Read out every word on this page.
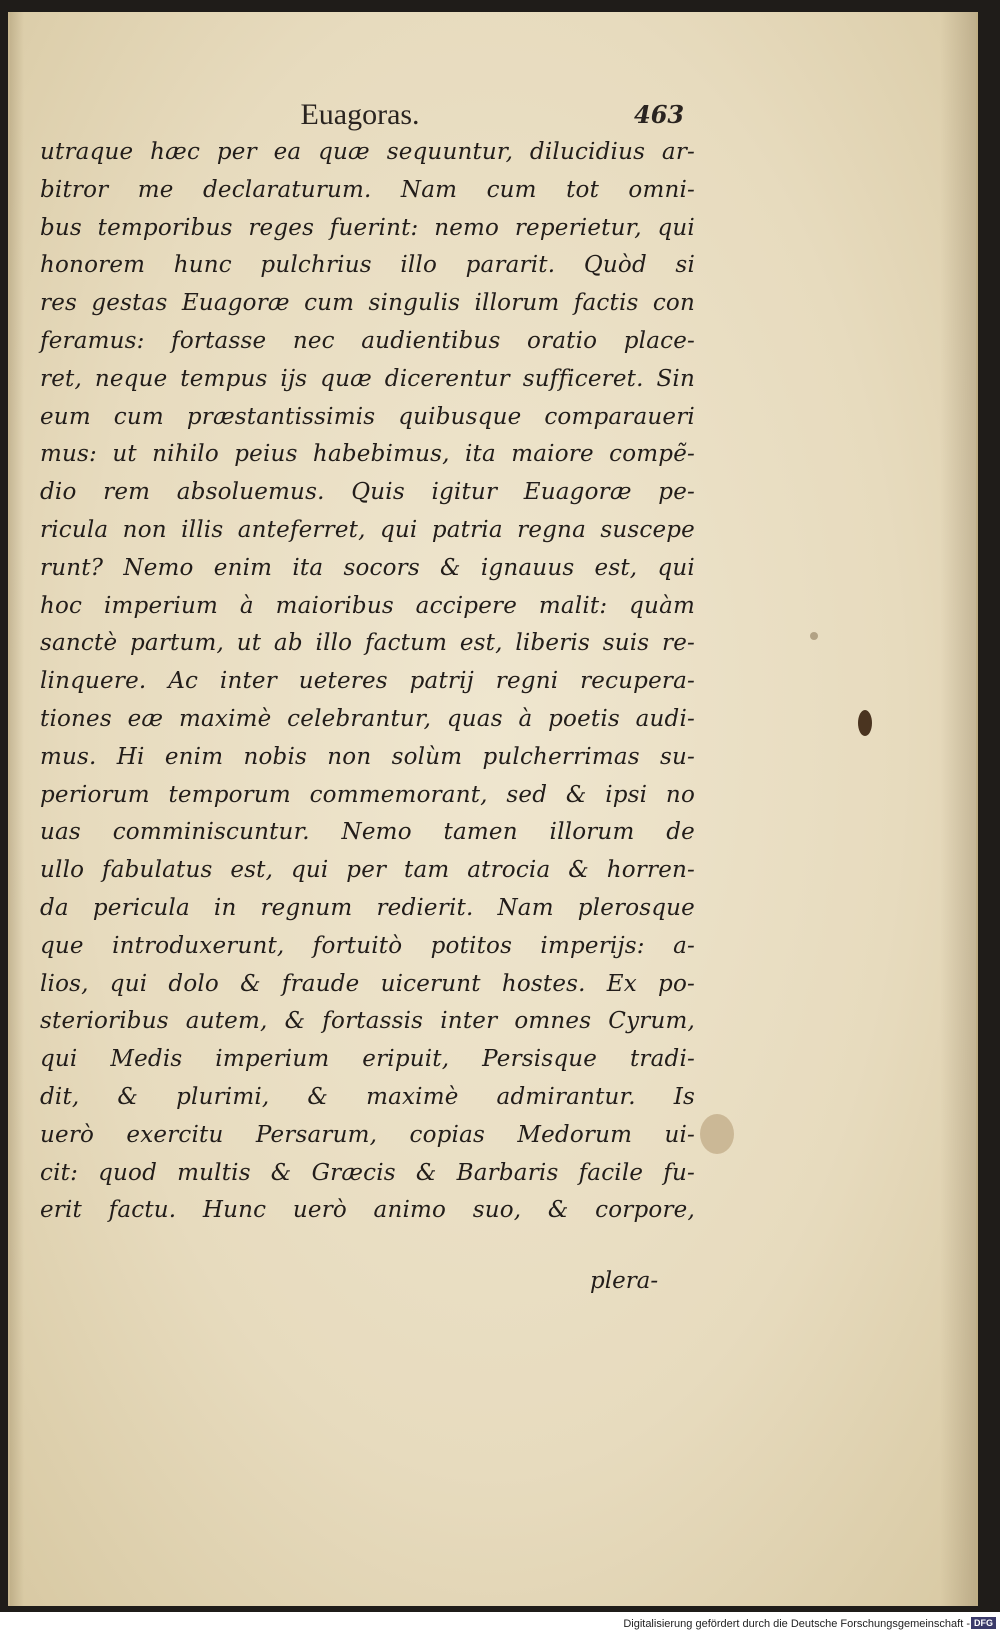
Euagoras.	463
utraque hæc per ea quæ sequuntur, dilucidius ar-
bitror me declaraturum. Nam cum tot omni-
bus temporibus reges fuerint: nemo reperietur, qui
honorem hunc pulchrius illo pararit. Quòd si
res gestas Euagoræ cum singulis illorum factis con
feramus: fortasse nec audientibus oratio place-
ret, neque tempus ijs quæ dicerentur sufficeret. Sin
eum cum præstantissimis quibusque comparaueri
mus: ut nihilo peius habebimus, ita maiore compẽ-
dio rem absoluemus. Quis igitur Euagoræ pe-
ricula non illis anteferret, qui patria regna suscepe
runt? Nemo enim ita socors & ignauus est, qui
hoc imperium à maioribus accipere malit: quàm
sanctè partum, ut ab illo factum est, liberis suis re-
linquere. Ac inter ueteres patrij regni recupera-
tiones eæ maximè celebrantur, quas à poetis audi-
mus. Hi enim nobis non solùm pulcherrimas su-
periorum temporum commemorant, sed & ipsi no
uas comminiscuntur. Nemo tamen illorum de
ullo fabulatus est, qui per tam atrocia & horren-
da pericula in regnum redierit. Nam plerosque
que introduxerunt, fortuitò potitos imperijs: a-
lios, qui dolo & fraude uicerunt hostes. Ex po-
sterioribus autem, & fortassis inter omnes Cyrum,
qui Medis imperium eripuit, Persisque tradi-
dit, & plurimi, & maximè admirantur. Is
uerò exercitu Persarum, copias Medorum ui-
cit: quod multis & Græcis & Barbaris facile fu-
erit factu. Hunc uerò animo suo, & corpore,
plera-
Digitalisierung gefördert durch die Deutsche Forschungsgemeinschaft - DFG
